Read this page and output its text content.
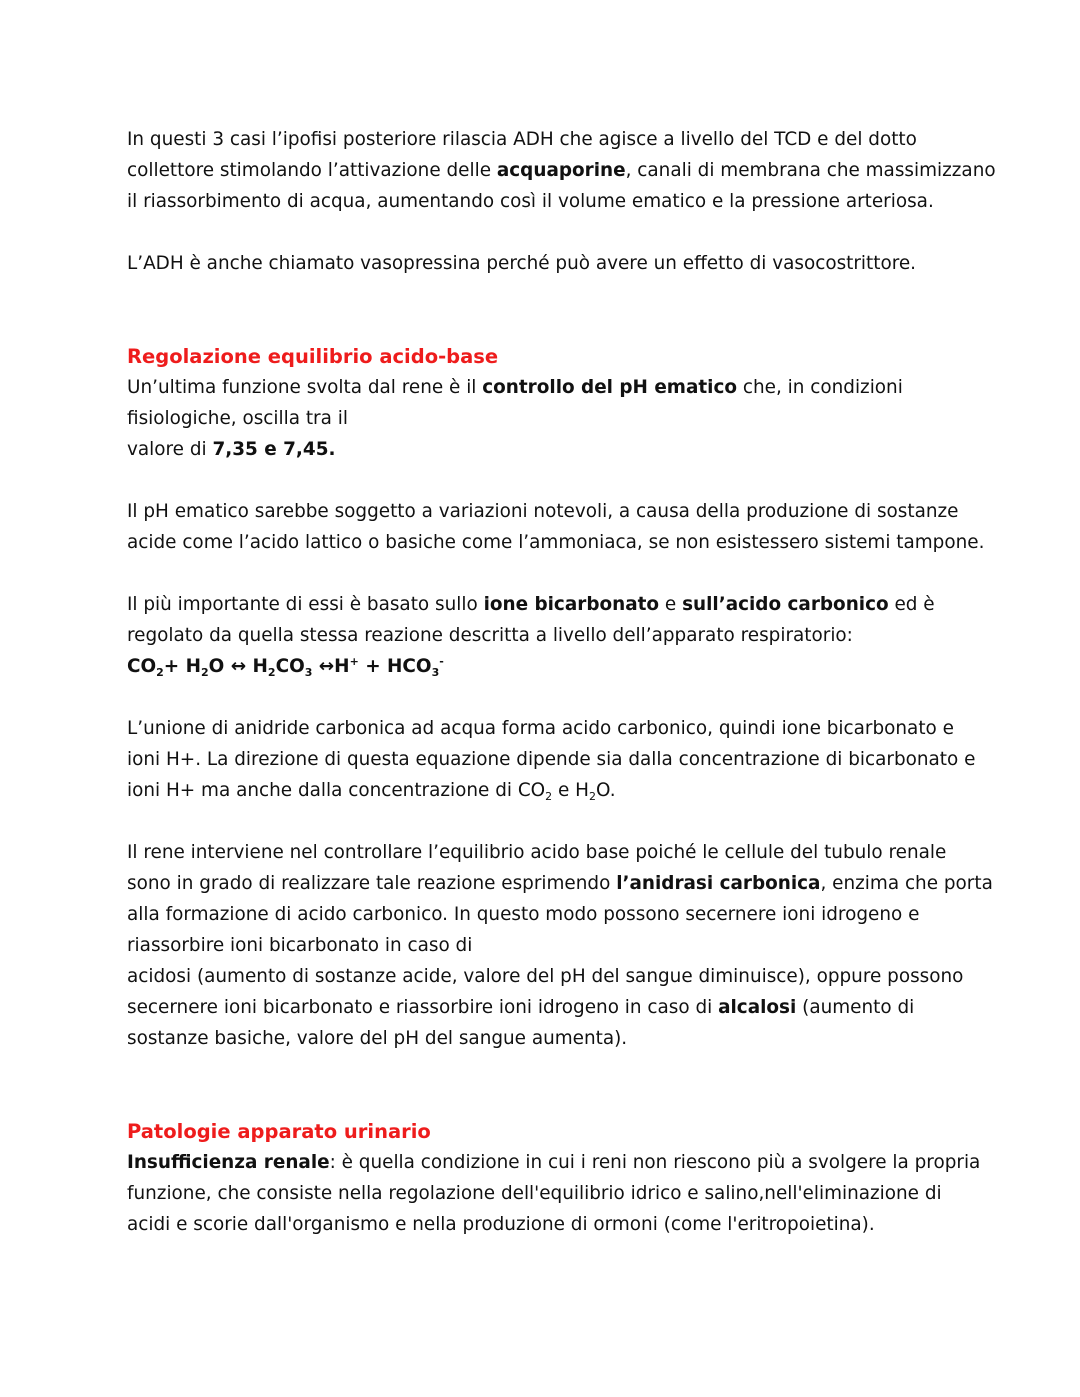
In questi 3 casi l’ipofisi posteriore rilascia ADH che agisce a livello del TCD e del dotto
collettore stimolando l’attivazione delle acquaporine, canali di membrana che massimizzano
il riassorbimento di acqua, aumentando così il volume ematico e la pressione arteriosa.
L’ADH è anche chiamato vasopressina perché può avere un effetto di vasocostrittore.
Regolazione equilibrio acido-base
Un’ultima funzione svolta dal rene è il controllo del pH ematico che, in condizioni
fisiologiche, oscilla tra il
valore di 7,35 e 7,45.
Il pH ematico sarebbe soggetto a variazioni notevoli, a causa della produzione di sostanze
acide come l’acido lattico o basiche come l’ammoniaca, se non esistessero sistemi tampone.
Il più importante di essi è basato sullo ione bicarbonato e sull’acido carbonico ed è
regolato da quella stessa reazione descritta a livello dell’apparato respiratorio:
$CO_2+ H_2O$ ↔ $H_2CO_3$ ↔H+ + $HCO_3^-$
L’unione di anidride carbonica ad acqua forma acido carbonico, quindi ione bicarbonato e
ioni H+. La direzione di questa equazione dipende sia dalla concentrazione di bicarbonato e
ioni H+ ma anche dalla concentrazione di $CO_2$ e $H_2O$.
Il rene interviene nel controllare l’equilibrio acido base poiché le cellule del tubulo renale
sono in grado di realizzare tale reazione esprimendo l’anidrasi carbonica, enzima che porta
alla formazione di acido carbonico. In questo modo possono secernere ioni idrogeno e
riassorbire ioni bicarbonato in caso di
acidosi (aumento di sostanze acide, valore del pH del sangue diminuisce), oppure possono
secernere ioni bicarbonato e riassorbire ioni idrogeno in caso di alcalosi (aumento di
sostanze basiche, valore del pH del sangue aumenta).
Patologie apparato urinario
Insufficienza renale: è quella condizione in cui i reni non riescono più a svolgere la propria
funzione, che consiste nella regolazione dell'equilibrio idrico e salino,nell'eliminazione di
acidi e scorie dall'organismo e nella produzione di ormoni (come l'eritropoietina).
